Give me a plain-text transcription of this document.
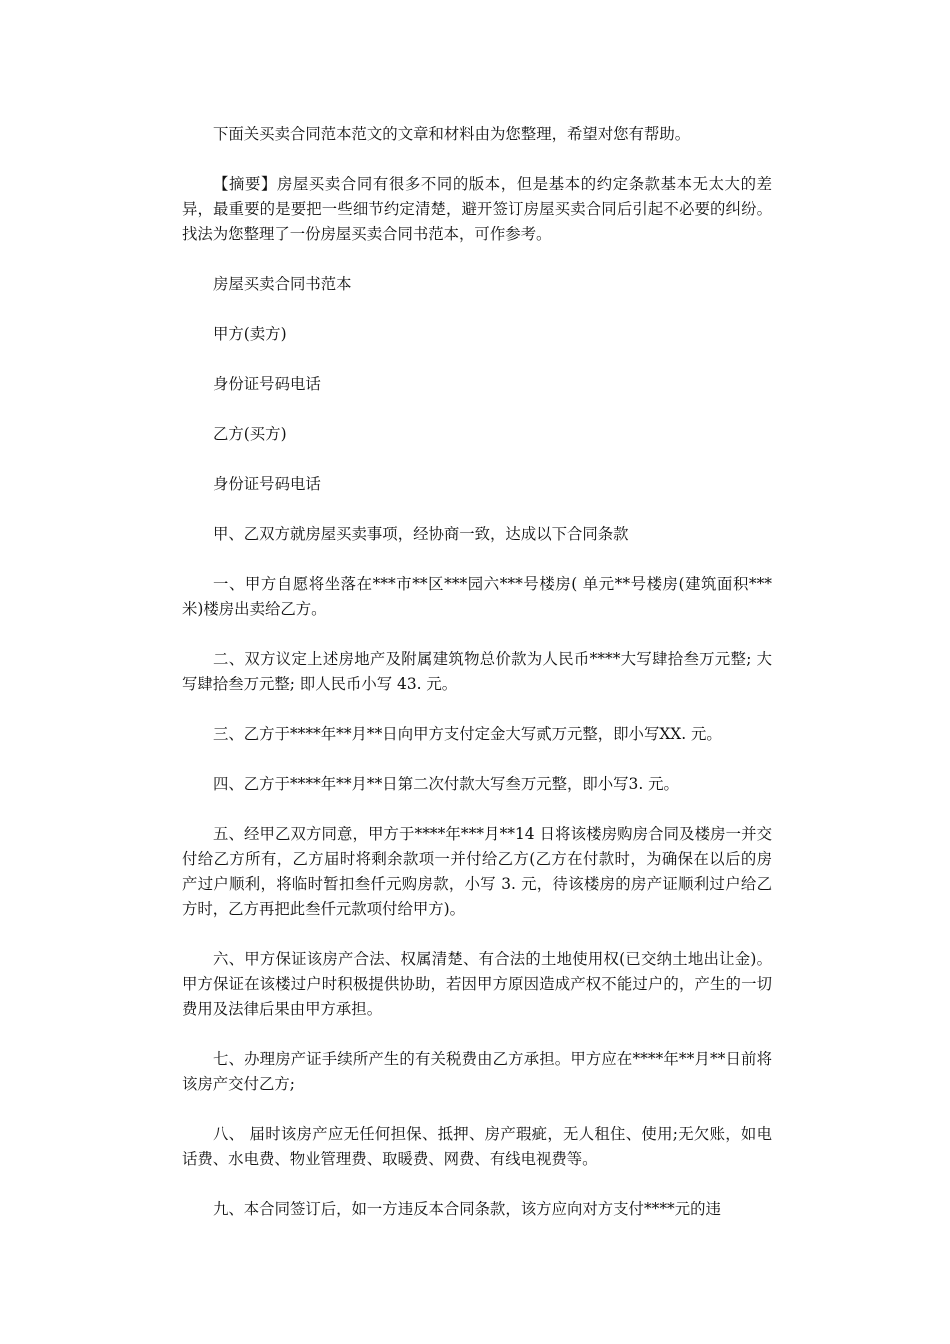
下面关买卖合同范本范文的文章和材料由为您整理，希望对您有帮助。

【摘要】房屋买卖合同有很多不同的版本，但是基本的约定条款基本无太大的差异，最重要的是要把一些细节约定清楚，避开签订房屋买卖合同后引起不必要的纠纷。找法为您整理了一份房屋买卖合同书范本，可作参考。

房屋买卖合同书范本

甲方(卖方)

身份证号码电话

乙方(买方)

身份证号码电话

甲、乙双方就房屋买卖事项，经协商一致，达成以下合同条款

一、甲方自愿将坐落在***市**区***园六***号楼房( 单元**号楼房(建筑面积***米)楼房出卖给乙方。

二、双方议定上述房地产及附属建筑物总价款为人民币****大写肆拾叁万元整; 大写肆拾叁万元整; 即人民币小写 43. 元。

三、乙方于****年**月**日向甲方支付定金大写贰万元整，即小写XX. 元。

四、乙方于****年**月**日第二次付款大写叁万元整，即小写3. 元。

五、经甲乙双方同意，甲方于****年***月**14 日将该楼房购房合同及楼房一并交付给乙方所有，乙方届时将剩余款项一并付给乙方(乙方在付款时，为确保在以后的房产过户顺利，将临时暂扣叁仟元购房款，小写 3. 元，待该楼房的房产证顺利过户给乙方时，乙方再把此叁仟元款项付给甲方)。

六、甲方保证该房产合法、权属清楚、有合法的土地使用权(已交纳土地出让金)。甲方保证在该楼过户时积极提供协助，若因甲方原因造成产权不能过户的，产生的一切费用及法律后果由甲方承担。

七、办理房产证手续所产生的有关税费由乙方承担。甲方应在****年**月**日前将该房产交付乙方;

八、 届时该房产应无任何担保、抵押、房产瑕疵，无人租住、使用;无欠账，如电话费、水电费、物业管理费、取暖费、网费、有线电视费等。

九、本合同签订后，如一方违反本合同条款，该方应向对方支付****元的违
